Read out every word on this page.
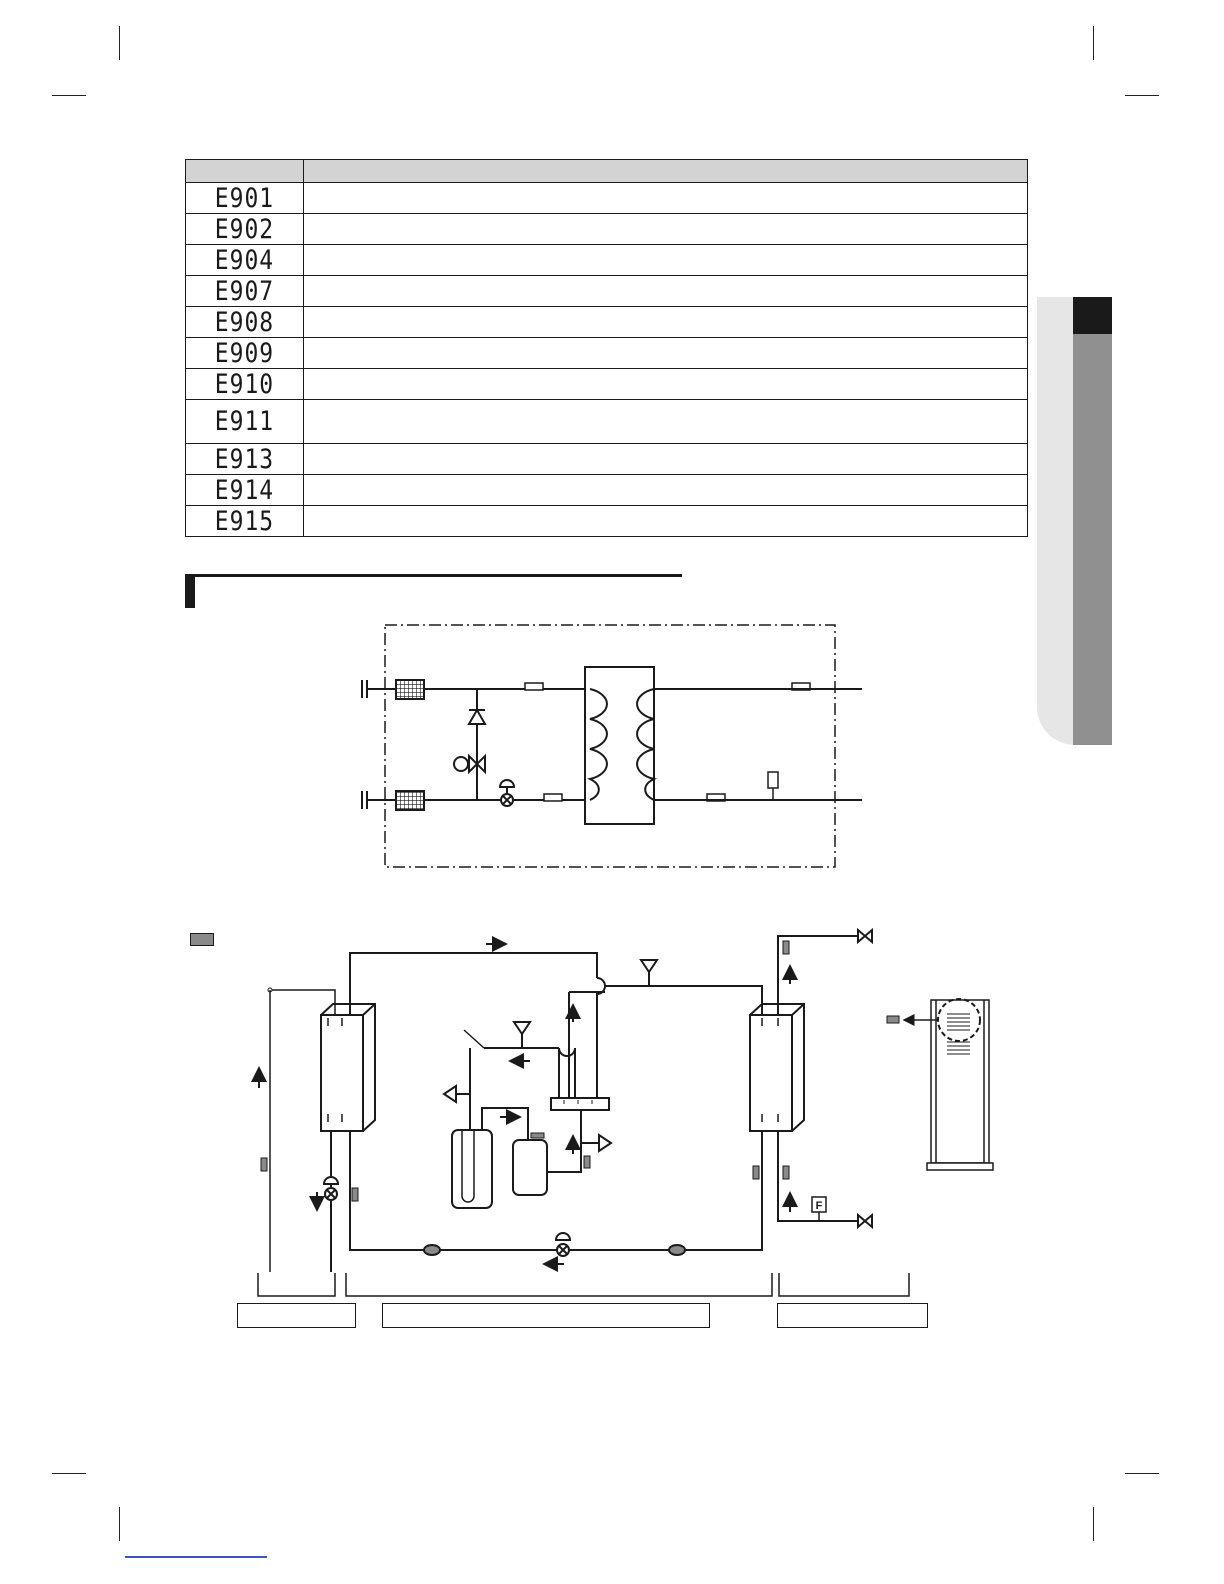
E901	
E902	
E904	
E907	
E908	
E909	
E910	
E911	
E913	
E914	
E915	
F
